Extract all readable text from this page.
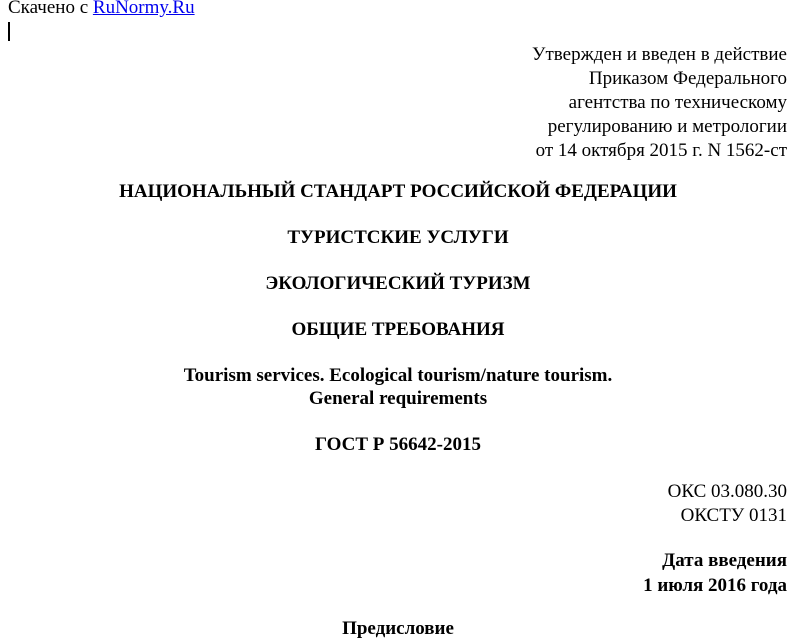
Скачено с RuNormy.Ru
Утвержден и введен в действие
Приказом Федерального
агентства по техническому
регулированию и метрологии
от 14 октября 2015 г. N 1562-ст
НАЦИОНАЛЬНЫЙ СТАНДАРТ РОССИЙСКОЙ ФЕДЕРАЦИИ
ТУРИСТСКИЕ УСЛУГИ
ЭКОЛОГИЧЕСКИЙ ТУРИЗМ
ОБЩИЕ ТРЕБОВАНИЯ
Tourism services. Ecological tourism/nature tourism.
General requirements
ГОСТ Р 56642-2015
ОКС 03.080.30
ОКСТУ 0131
Дата введения
1 июля 2016 года
Предисловие
